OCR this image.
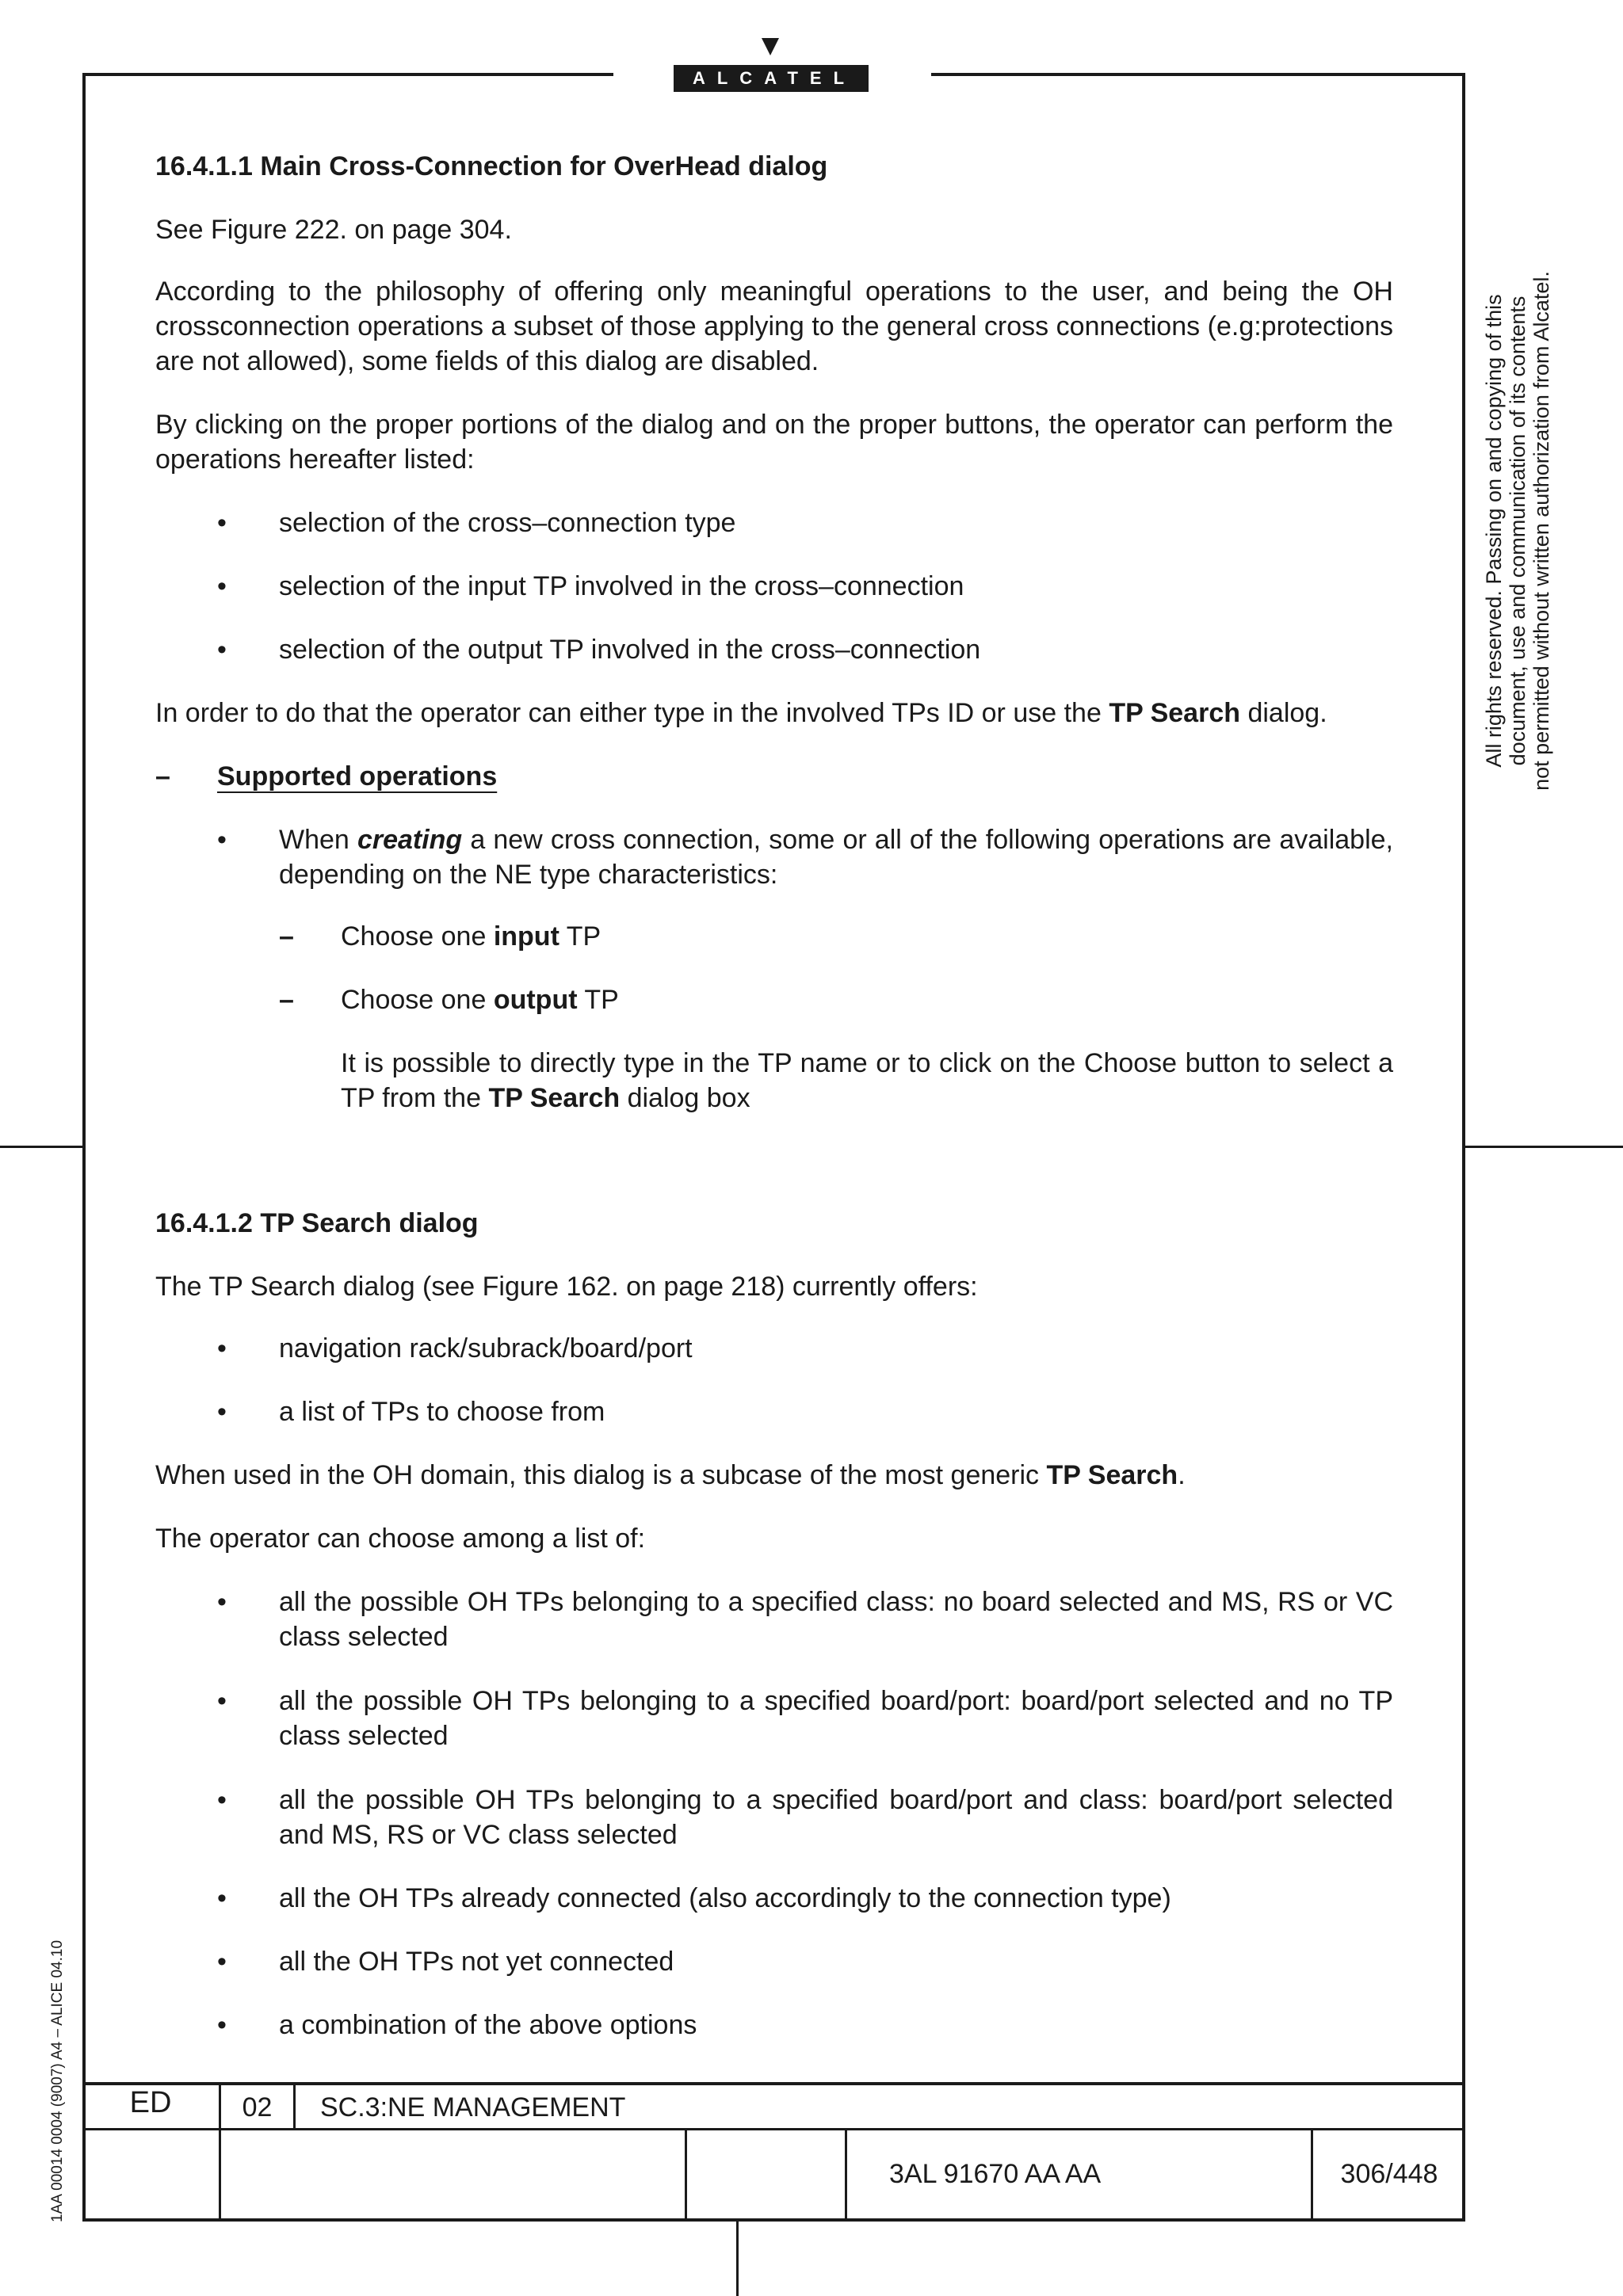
ALCATEL
All rights reserved. Passing on and copying of this document, use and communication of its contents not permitted without written authorization from Alcatel.
1AA 00014 0004 (9007) A4 – ALICE 04.10
16.4.1.1 Main Cross-Connection for OverHead dialog
See Figure 222. on page 304.
According to the philosophy of offering only meaningful operations to the user, and being the OH crossconnection operations a subset of those applying to the general cross connections (e.g:protections are not allowed), some fields of this dialog are disabled.
By clicking on the proper portions of the dialog and on the proper buttons, the operator can perform the operations hereafter listed:
• selection of the cross–connection type
• selection of the input TP involved in the cross–connection
• selection of the output TP involved in the cross–connection
In order to do that the operator can either type in the involved TPs ID or use the TP Search dialog.
– Supported operations
• When creating a new cross connection, some or all of the following operations are available, depending on the NE type characteristics:
– Choose one input TP
– Choose one output TP
It is possible to directly type in the TP name or to click on the Choose button to select a TP from the TP Search dialog box
16.4.1.2 TP Search dialog
The TP Search dialog (see Figure 162. on page 218) currently offers:
• navigation rack/subrack/board/port
• a list of TPs to choose from
When used in the OH domain, this dialog is a subcase of the most generic TP Search.
The operator can choose among a list of:
• all the possible OH TPs belonging to a specified class: no board selected and MS, RS or VC class selected
• all the possible OH TPs belonging to a specified board/port: board/port selected and no TP class selected
• all the possible OH TPs belonging to a specified board/port and class: board/port selected and MS, RS or VC class selected
• all the OH TPs already connected (also accordingly to the connection type)
• all the OH TPs not yet connected
• a combination of the above options
ED	02	SC.3:NE MANAGEMENT
3AL 91670 AA AA	306/448
